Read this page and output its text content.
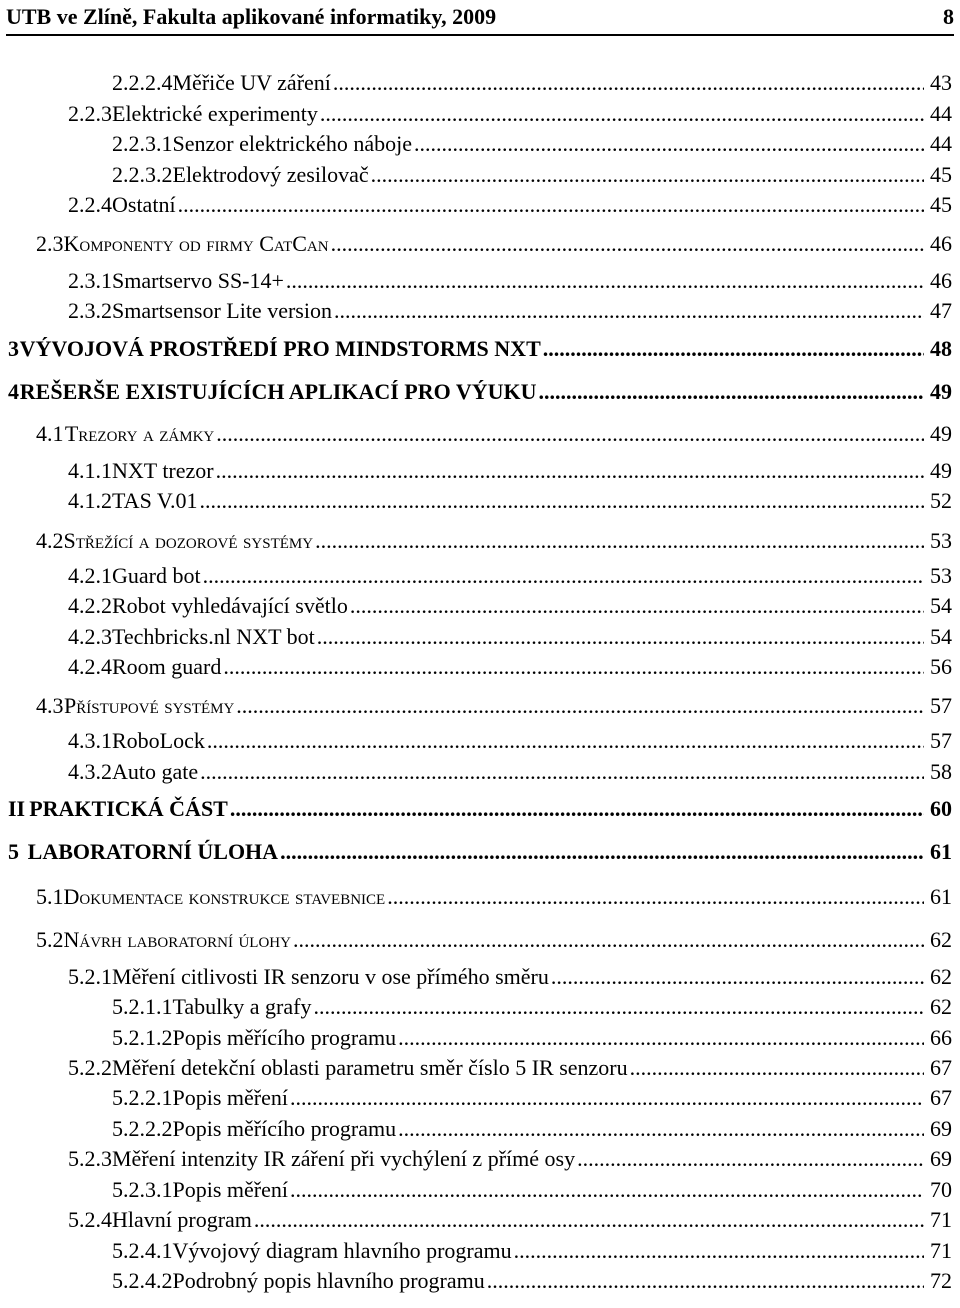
UTB ve Zlíně, Fakultа aplikované informatiky, 2009	8
2.2.2.4 Měřiče UV záření .....	43
2.2.3 Elektrické experimenty .....	44
2.2.3.1 Senzor elektrického náboje .....	44
2.2.3.2 Elektrodový zesilovač .....	45
2.2.4 Ostatní .....	45
2.3 Komponenty od firmy CatCan .....	46
2.3.1 Smartservo SS-14+ .....	46
2.3.2 Smartsensor Lite version .....	47
3 VÝVOJOVÁ PROSTŘEDÍ PRO MINDSTORMS NXT .....	48
4 REŠERŠE EXISTUJÍCÍCH APLIKACÍ PRO VÝUKU .....	49
4.1 Trezory a zámky .....	49
4.1.1 NXT trezor .....	49
4.1.2 TAS V.01 .....	52
4.2 Střežící a dozorové systémy .....	53
4.2.1 Guard bot .....	53
4.2.2 Robot vyhledávající světlo .....	54
4.2.3 Techbricks.nl NXT bot .....	54
4.2.4 Room guard .....	56
4.3 Přístupové systémy .....	57
4.3.1 RoboLock .....	57
4.3.2 Auto gate .....	58
II PRAKTICKÁ ČÁST .....	60
5 LABORATORNÍ ÚLOHA .....	61
5.1 Dokumentace konstrukce stavebnice .....	61
5.2 Návrh laboratorní úlohy .....	62
5.2.1 Měření citlivosti IR senzoru v ose přímého směru .....	62
5.2.1.1 Tabulky a grafy .....	62
5.2.1.2 Popis měřícího programu .....	66
5.2.2 Měření detekční oblasti parametru směr číslo 5 IR senzoru .....	67
5.2.2.1 Popis měření .....	67
5.2.2.2 Popis měřícího programu .....	69
5.2.3 Měření intenzity IR záření při vychýlení z přímé osy .....	69
5.2.3.1 Popis měření .....	70
5.2.4 Hlavní program .....	71
5.2.4.1 Vývojový diagram hlavního programu .....	71
5.2.4.2 Podrobný popis hlavního programu .....	72
